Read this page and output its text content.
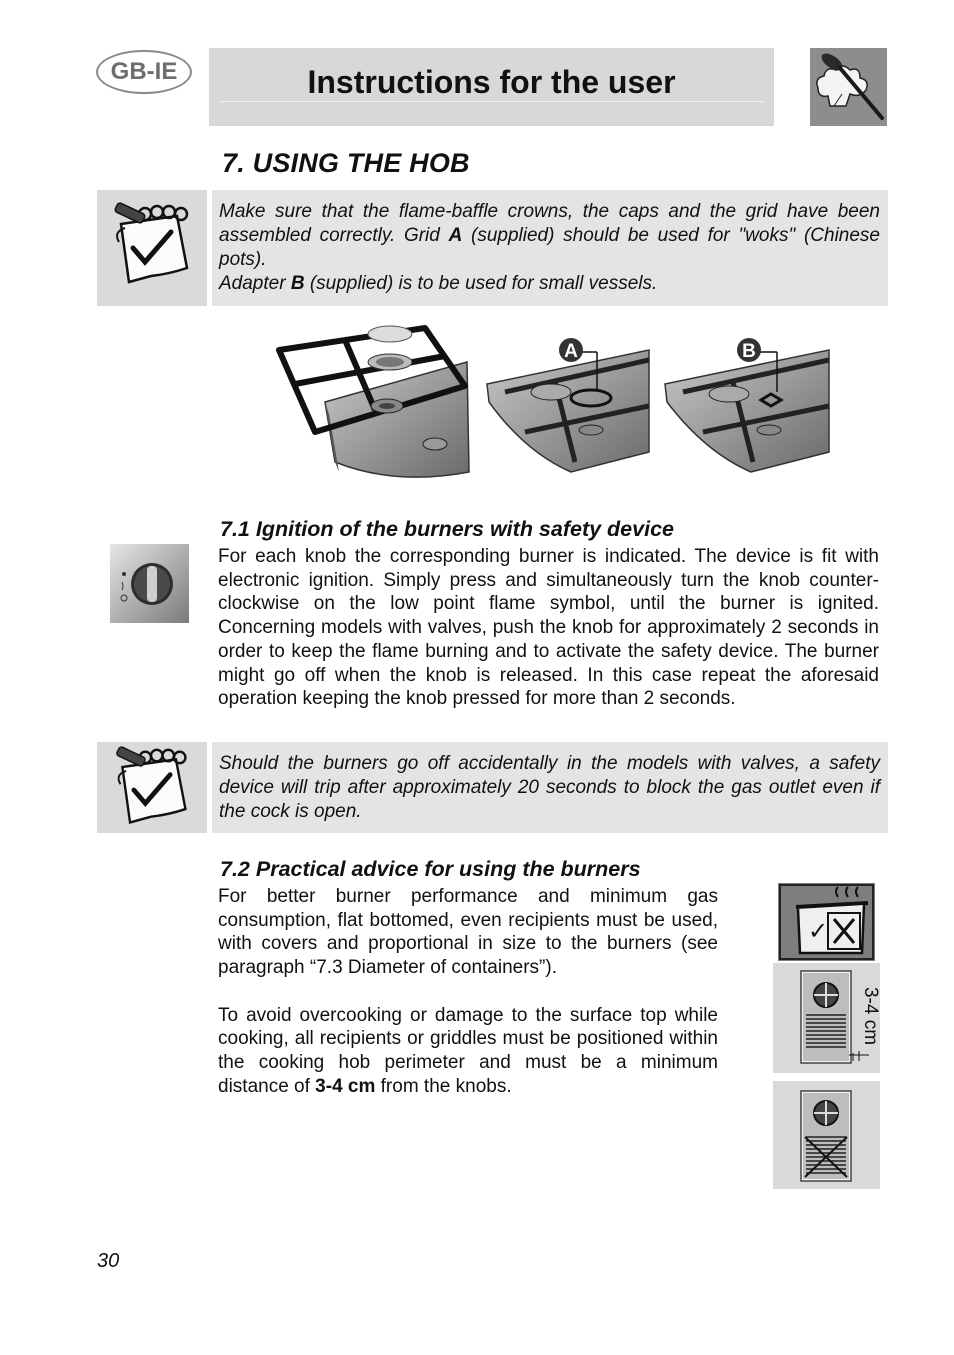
GB-IE	Instructions for the user
7. USING THE HOB
Make sure that the flame-baffle crowns, the caps and the grid have been assembled correctly. Grid A (supplied) should be used for "woks" (Chinese pots).
Adapter B (supplied) is to be used for small vessels.
A	B
7.1 Ignition of the burners with safety device
For each knob the corresponding burner is indicated. The device is fit with electronic ignition. Simply press and simultaneously turn the knob counter-clockwise on the low point flame symbol, until the burner is ignited. Concerning models with valves, push the knob for approximately 2 seconds in order to keep the flame burning and to activate the safety device. The burner might go off when the knob is released. In this case repeat the aforesaid operation keeping the knob pressed for more than 2 seconds.
Should the burners go off accidentally in the models with valves, a safety device will trip after approximately 20 seconds to block the gas outlet even if the cock is open.
7.2 Practical advice for using the burners
For better burner performance and minimum gas consumption, flat bottomed, even recipients must be used, with covers and proportional in size to the burners (see paragraph “7.3 Diameter of containers”).
To avoid overcooking or damage to the surface top while cooking, all recipients or griddles must be positioned within the cooking hob perimeter and must be a minimum distance of 3-4 cm from the knobs.
✓
3-4 cm
30
